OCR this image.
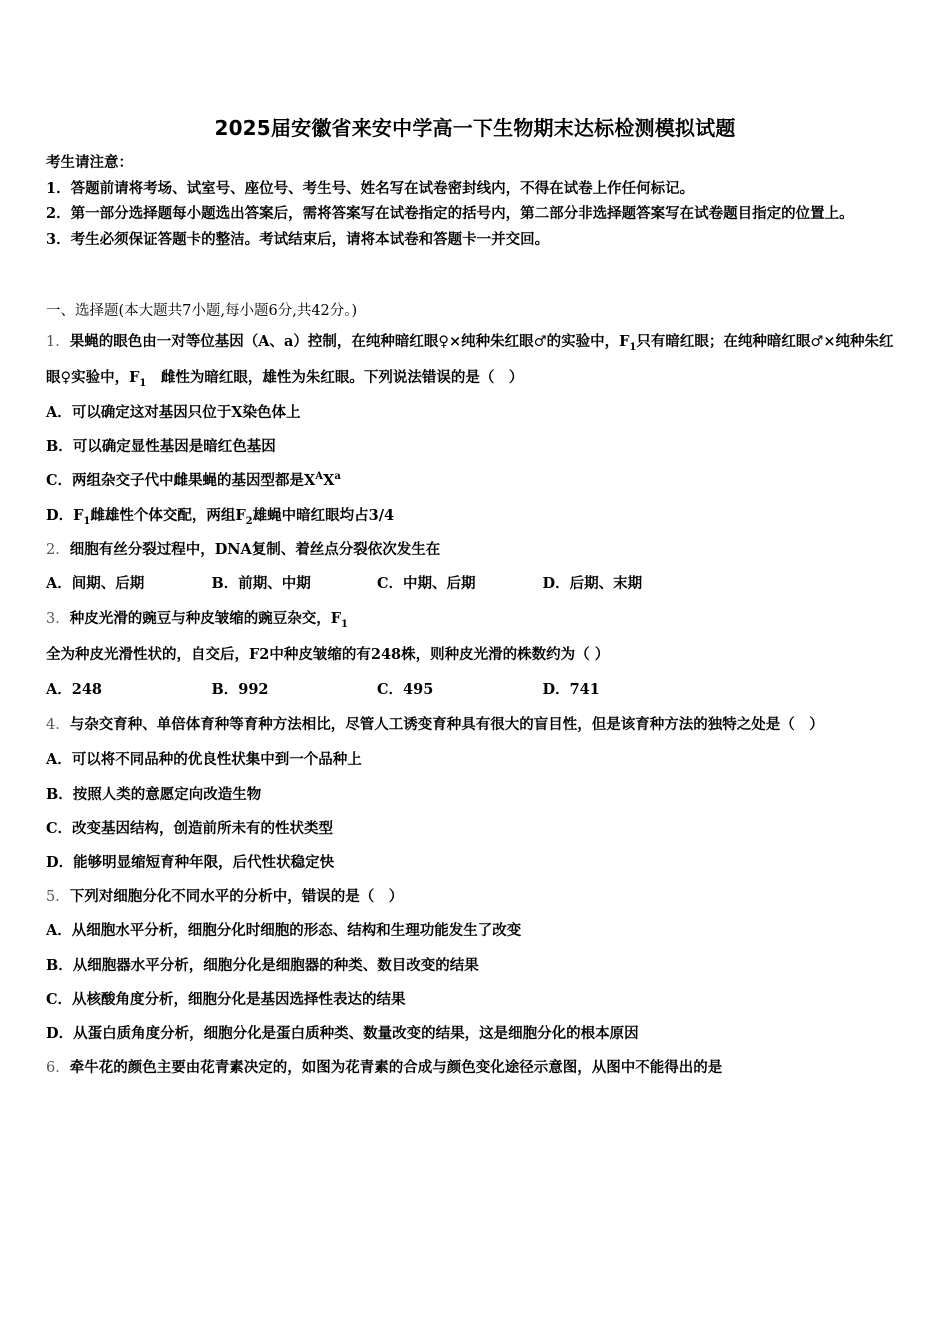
2025届安徽省来安中学高一下生物期末达标检测模拟试题
考生请注意：
1．答题前请将考场、试室号、座位号、考生号、姓名写在试卷密封线内，不得在试卷上作任何标记。
2．第一部分选择题每小题选出答案后，需将答案写在试卷指定的括号内，第二部分非选择题答案写在试卷题目指定的位置上。
3．考生必须保证答题卡的整洁。考试结束后，请将本试卷和答题卡一并交回。
一、选择题(本大题共7小题,每小题6分,共42分。)
1．果蝇的眼色由一对等位基因（A、a）控制，在纯种暗红眼♀×纯种朱红眼♂的实验中，$F_1$只有暗红眼；在纯种暗红眼♂×纯种朱红眼♀实验中，$F_1$　雌性为暗红眼，雄性为朱红眼。下列说法错误的是（　）
A．可以确定这对基因只位于X染色体上
B．可以确定显性基因是暗红色基因
C．两组杂交子代中雌果蝇的基因型都是$X^AX^a$
D．$F_1$雌雄性个体交配，两组$F_2$雄蝇中暗红眼均占3/4
2．细胞有丝分裂过程中，DNA复制、着丝点分裂依次发生在
A．间期、后期	B．前期、中期	C．中期、后期	D．后期、末期
3．种皮光滑的豌豆与种皮皱缩的豌豆杂交，$F_1$全为种皮光滑性状的，自交后，F2中种皮皱缩的有248株，则种皮光滑的株数约为（ ）
A．248	B．992	C．495	D．741
4．与杂交育种、单倍体育种等育种方法相比，尽管人工诱变育种具有很大的盲目性，但是该育种方法的独特之处是（　）
A．可以将不同品种的优良性状集中到一个品种上
B．按照人类的意愿定向改造生物
C．改变基因结构，创造前所未有的性状类型
D．能够明显缩短育种年限，后代性状稳定快
5．下列对细胞分化不同水平的分析中，错误的是（　）
A．从细胞水平分析，细胞分化时细胞的形态、结构和生理功能发生了改变
B．从细胞器水平分析，细胞分化是细胞器的种类、数目改变的结果
C．从核酸角度分析，细胞分化是基因选择性表达的结果
D．从蛋白质角度分析，细胞分化是蛋白质种类、数量改变的结果，这是细胞分化的根本原因
6．牵牛花的颜色主要由花青素决定的，如图为花青素的合成与颜色变化途径示意图，从图中不能得出的是
